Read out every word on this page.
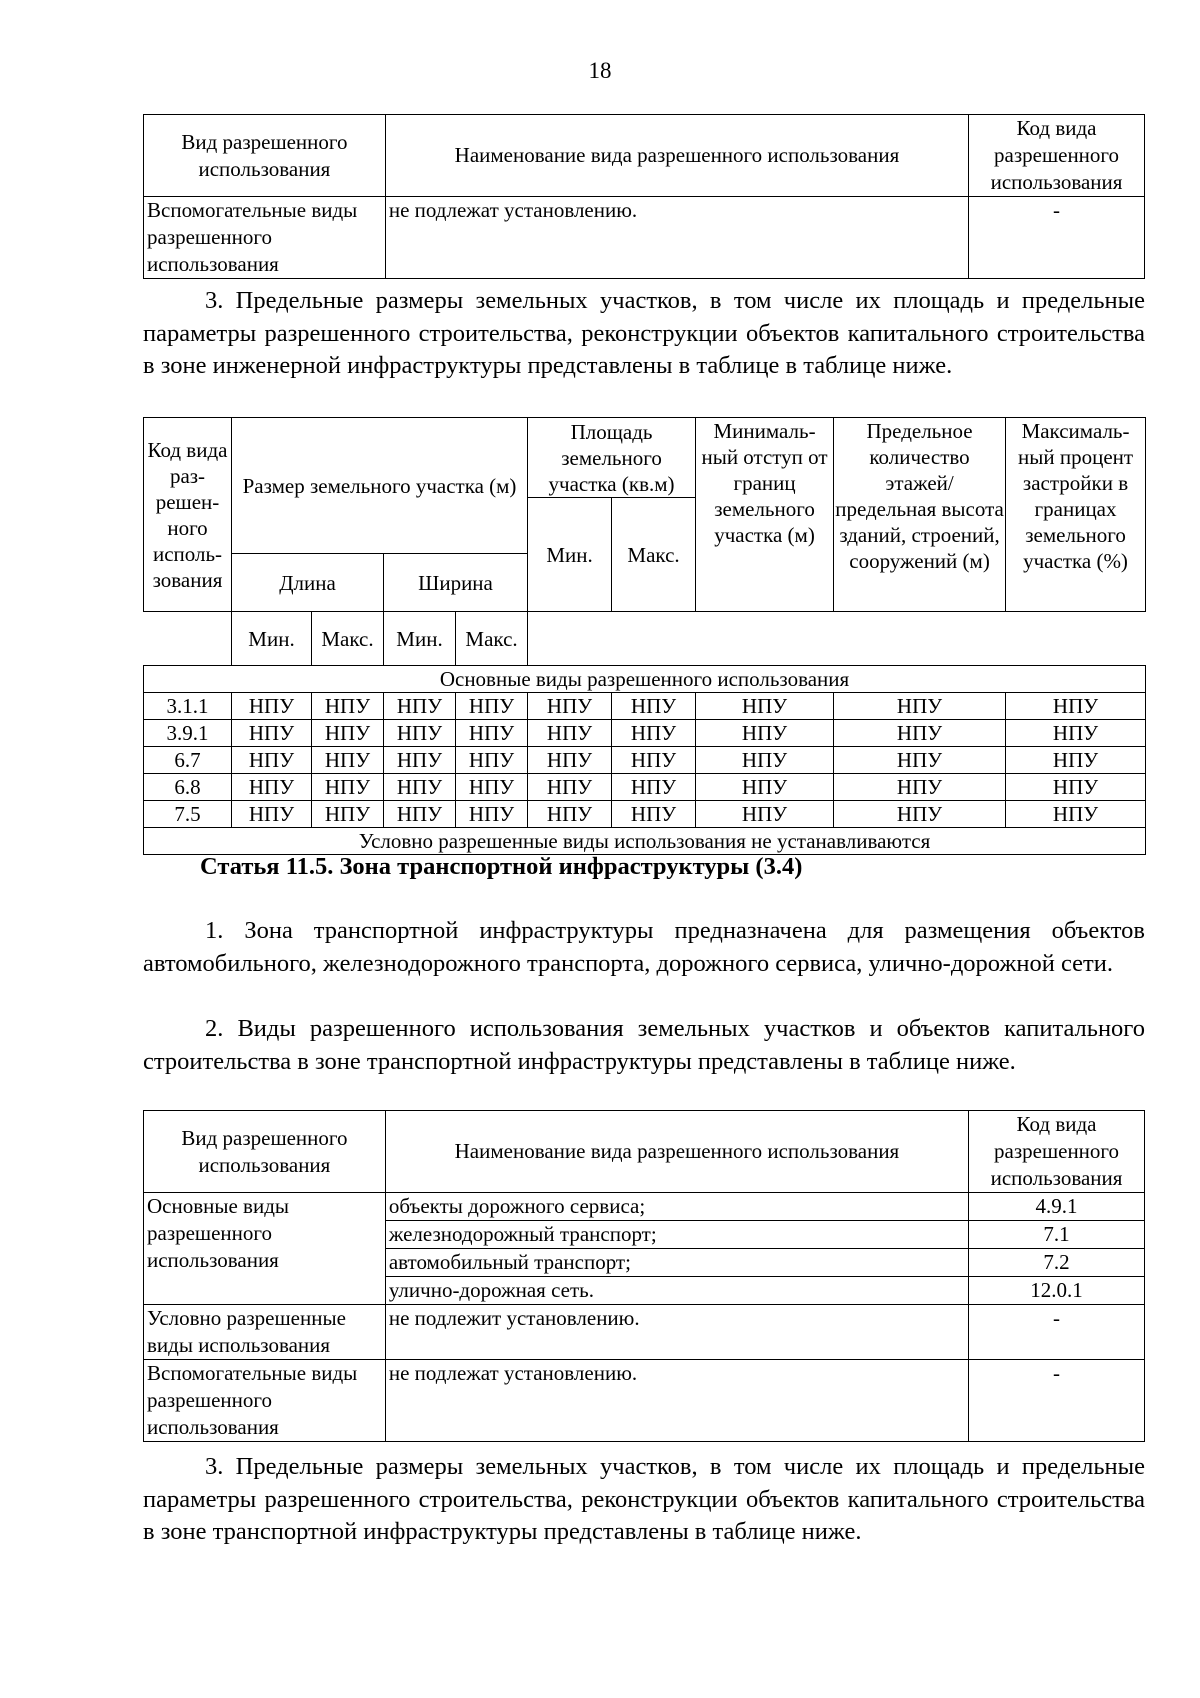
18
Вид разрешенного использования	Наименование вида разрешенного использования	Код вида разрешенного использования
Вспомогательные виды разрешенного использования	не подлежат установлению.	-

3. Предельные размеры земельных участков, в том числе их площадь и предельные параметры разрешенного строительства, реконструкции объектов капитального строительства в зоне инженерной инфраструктуры представлены в таблице в таблице ниже.

Код вида раз-решен-ного исполь-зования	Размер земельного участка (м)				Площадь земельного участка (кв.м)		Минималь-ный отступ от границ земельного участка (м)	Предельное количество этажей/ предельная высота зданий, строений, сооружений (м)	Максималь-ный процент застройки в границах земельного участка (%)
					Мин.	Макс.			
	Длина		Ширина						
	Мин.	Макс.	Мин.	Макс.					
Основные виды разрешенного использования									
3.1.1	НПУ	НПУ	НПУ	НПУ	НПУ	НПУ	НПУ	НПУ	НПУ
3.9.1	НПУ	НПУ	НПУ	НПУ	НПУ	НПУ	НПУ	НПУ	НПУ
6.7	НПУ	НПУ	НПУ	НПУ	НПУ	НПУ	НПУ	НПУ	НПУ
6.8	НПУ	НПУ	НПУ	НПУ	НПУ	НПУ	НПУ	НПУ	НПУ
7.5	НПУ	НПУ	НПУ	НПУ	НПУ	НПУ	НПУ	НПУ	НПУ
Условно разрешенные виды использования не устанавливаются									
Статья 11.5. Зона транспортной инфраструктуры (3.4)

1. Зона транспортной инфраструктуры предназначена для размещения объектов автомобильного, железнодорожного транспорта, дорожного сервиса, улично-дорожной сети.

2. Виды разрешенного использования земельных участков и объектов капитального строительства в зоне транспортной инфраструктуры представлены в таблице ниже.

Вид разрешенного использования	Наименование вида разрешенного использования	Код вида разрешенного использования
Основные виды разрешенного использования	объекты дорожного сервиса;	4.9.1
	железнодорожный транспорт;	7.1
	автомобильный транспорт;	7.2
	улично-дорожная сеть.	12.0.1
Условно разрешенные виды использования	не подлежит установлению.	-
Вспомогательные виды разрешенного использования	не подлежат установлению.	-

3. Предельные размеры земельных участков, в том числе их площадь и предельные параметры разрешенного строительства, реконструкции объектов капитального строительства в зоне транспортной инфраструктуры представлены в таблице ниже.
